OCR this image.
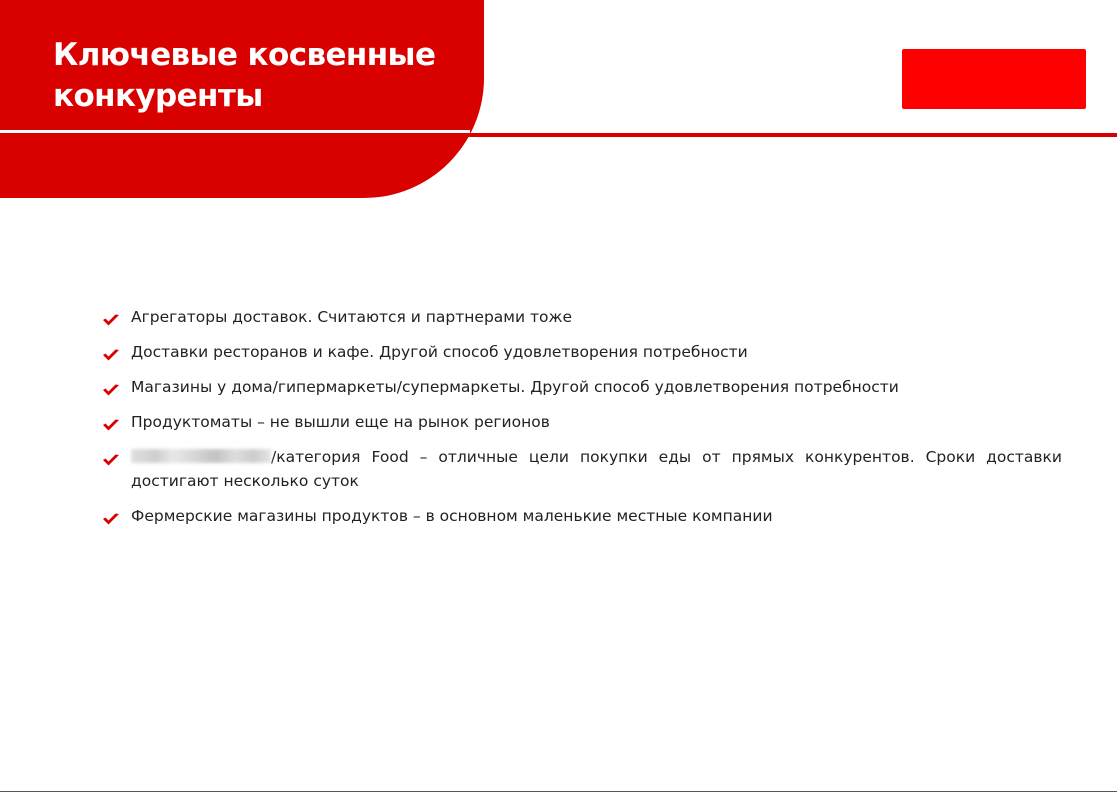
Ключевые косвенные
конкуренты
Агрегаторы доставок. Считаются и партнерами тоже
Доставки ресторанов и кафе. Другой способ удовлетворения потребности
Магазины у дома/гипермаркеты/супермаркеты. Другой способ удовлетворения потребности
Продуктоматы – не вышли еще на рынок регионов
/категория Food – отличные цели покупки еды от прямых конкурентов. Сроки доставки достигают несколько суток
Фермерские магазины продуктов – в основном маленькие местные компании
